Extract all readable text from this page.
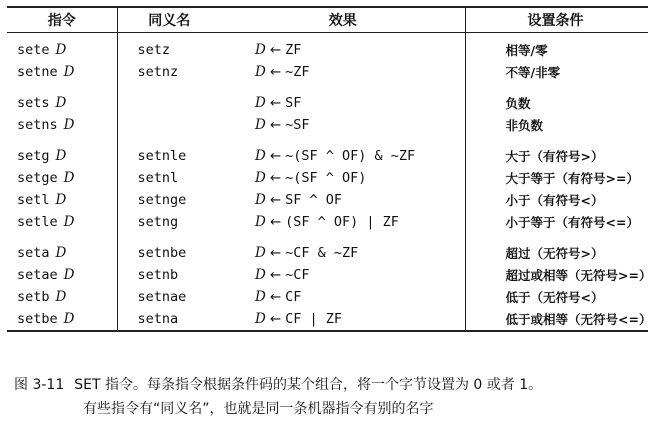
指令	同义名	效果	设置条件
sete D	setz	D ← ZF	相等/零
setne D	setnz	D ← ~ZF	不等/非零
sets D		D ← SF	负数
setns D		D ← ~SF	非负数
setg D	setnle	D ← ~(SF ^ OF) & ~ZF	大于（有符号>）
setge D	setnl	D ← ~(SF ^ OF)	大于等于（有符号>=）
setl D	setnge	D ← SF ^ OF	小于（有符号<）
setle D	setng	D ← (SF ^ OF) | ZF	小于等于（有符号<=）
seta D	setnbe	D ← ~CF & ~ZF	超过（无符号>）
setae D	setnb	D ← ~CF	超过或相等（无符号>=）
setb D	setnae	D ← CF	低于（无符号<）
setbe D	setna	D ← CF | ZF	低于或相等（无符号<=）
图 3-11 SET 指令。每条指令根据条件码的某个组合，将一个字节设置为 0 或者 1。
有些指令有“同义名”，也就是同一条机器指令有别的名字
